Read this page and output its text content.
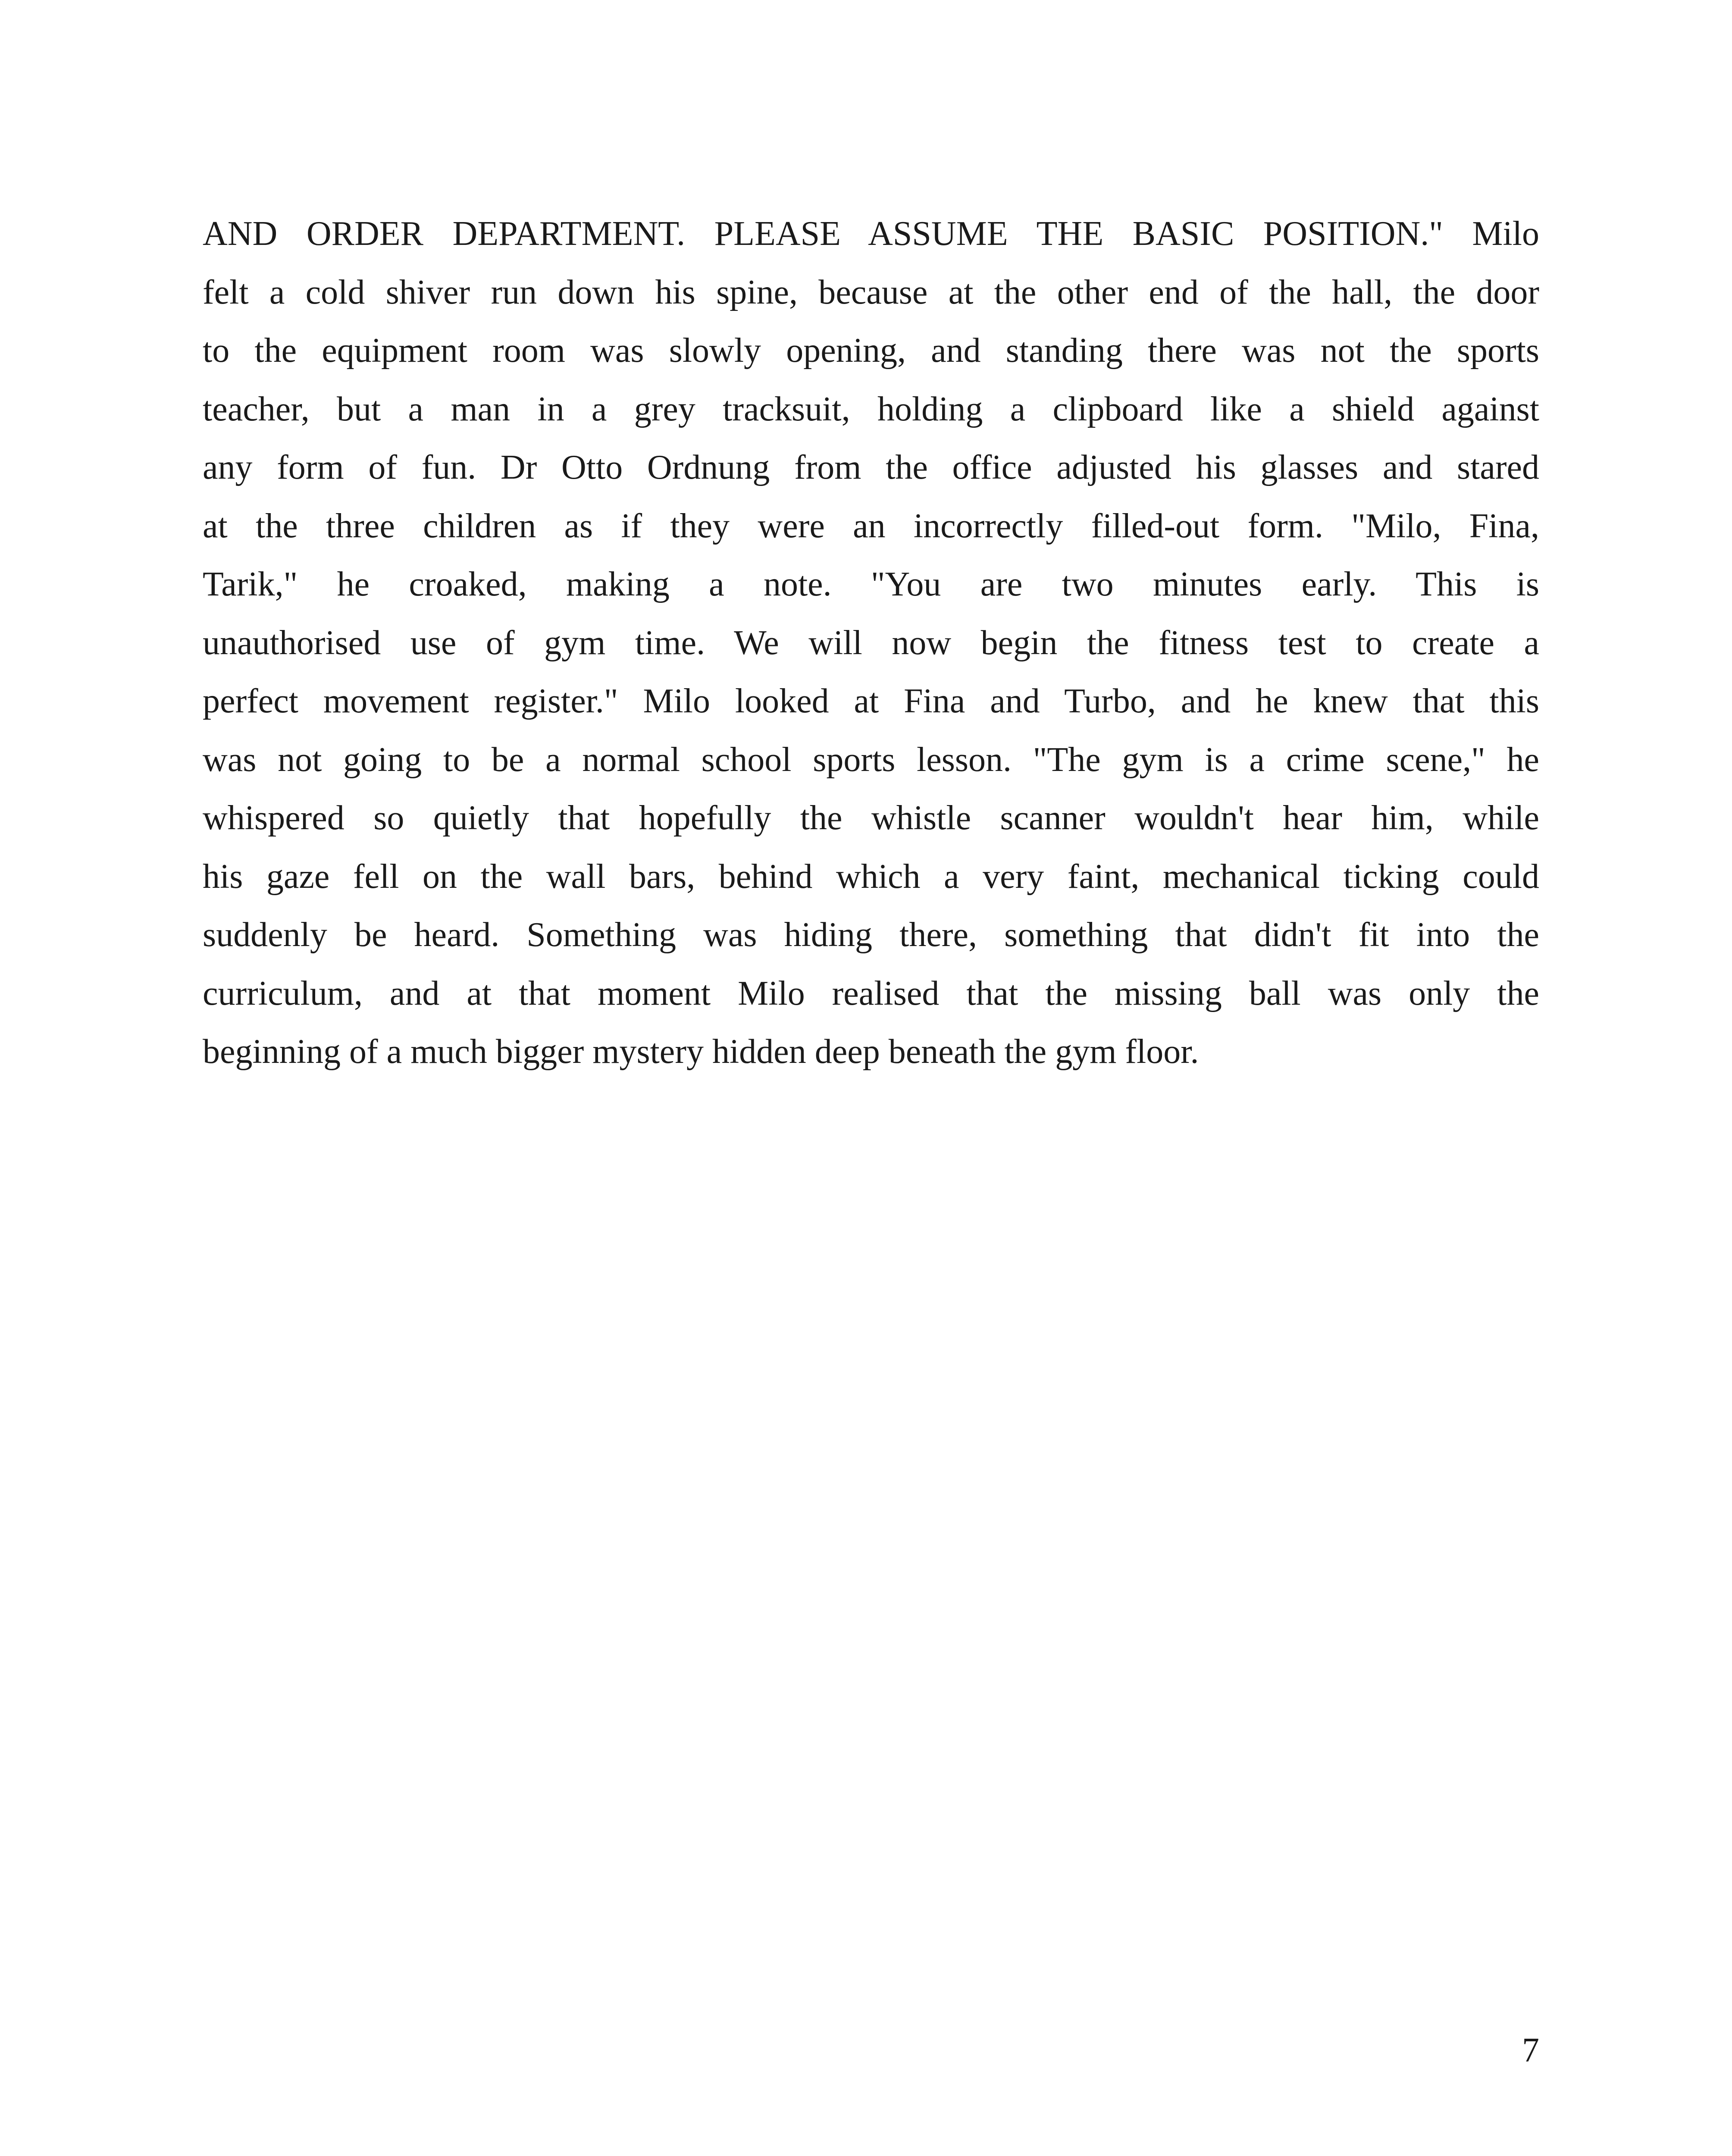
AND ORDER DEPARTMENT. PLEASE ASSUME THE BASIC POSITION." Milo
felt a cold shiver run down his spine, because at the other end of the hall, the door
to the equipment room was slowly opening, and standing there was not the sports
teacher, but a man in a grey tracksuit, holding a clipboard like a shield against
any form of fun. Dr Otto Ordnung from the office adjusted his glasses and stared
at the three children as if they were an incorrectly filled-out form. "Milo, Fina,
Tarik," he croaked, making a note. "You are two minutes early. This is
unauthorised use of gym time. We will now begin the fitness test to create a
perfect movement register." Milo looked at Fina and Turbo, and he knew that this
was not going to be a normal school sports lesson. "The gym is a crime scene," he
whispered so quietly that hopefully the whistle scanner wouldn't hear him, while
his gaze fell on the wall bars, behind which a very faint, mechanical ticking could
suddenly be heard. Something was hiding there, something that didn't fit into the
curriculum, and at that moment Milo realised that the missing ball was only the
beginning of a much bigger mystery hidden deep beneath the gym floor.
7
